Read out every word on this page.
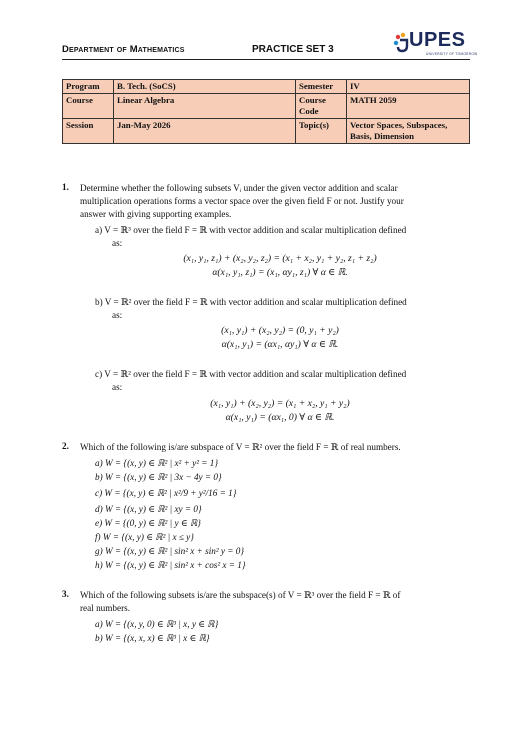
Department of Mathematics	PRACTICE SET 3	UPES
UNIVERSITY OF TOMORROW
Program	B. Tech. (SoCS)	Semester	IV
Course	Linear Algebra	Course Code	MATH 2059
Session	Jan-May 2026	Topic(s)	Vector Spaces, Subspaces, Basis, Dimension
1. Determine whether the following subsets Vᵢ under the given vector addition and scalar
multiplication operations forms a vector space over the given field F or not. Justify your
answer with giving supporting examples.
a) V = ℝ³ over the field F = ℝ with vector addition and scalar multiplication defined
as:
(x₁, y₁, z₁) + (x₂, y₂, z₂) = (x₁ + x₂, y₁ + y₂, z₁ + z₂)
α(x₁, y₁, z₁) = (x₁, αy₁, z₁) ∀ α ∈ ℝ.
b) V = ℝ² over the field F = ℝ with vector addition and scalar multiplication defined
as:
(x₁, y₁) + (x₂, y₂) = (0, y₁ + y₂)
α(x₁, y₁) = (αx₁, αy₁) ∀ α ∈ ℝ.
c) V = ℝ² over the field F = ℝ with vector addition and scalar multiplication defined
as:
(x₁, y₁) + (x₂, y₂) = (x₁ + x₂, y₁ + y₂)
α(x₁, y₁) = (αx₁, 0) ∀ α ∈ ℝ.
2. Which of the following is/are subspace of V = ℝ² over the field F = ℝ of real numbers.
a) W = {(x, y) ∈ ℝ² | x² + y² = 1}
b) W = {(x, y) ∈ ℝ² | 3x − 4y = 0}
c) W = {(x, y) ∈ ℝ² | x²/9 + y²/16 = 1}
d) W = {(x, y) ∈ ℝ² | xy = 0}
e) W = {(0, y) ∈ ℝ² | y ∈ ℝ}
f) W = {(x, y) ∈ ℝ² | x ≤ y}
g) W = {(x, y) ∈ ℝ² | sin² x + sin² y = 0}
h) W = {(x, y) ∈ ℝ² | sin² x + cos² x = 1}
3. Which of the following subsets is/are the subspace(s) of V = ℝ³ over the field F = ℝ of
real numbers.
a) W = {(x, y, 0) ∈ ℝ³ | x, y ∈ ℝ}
b) W = {(x, x, x) ∈ ℝ³ | x ∈ ℝ}
